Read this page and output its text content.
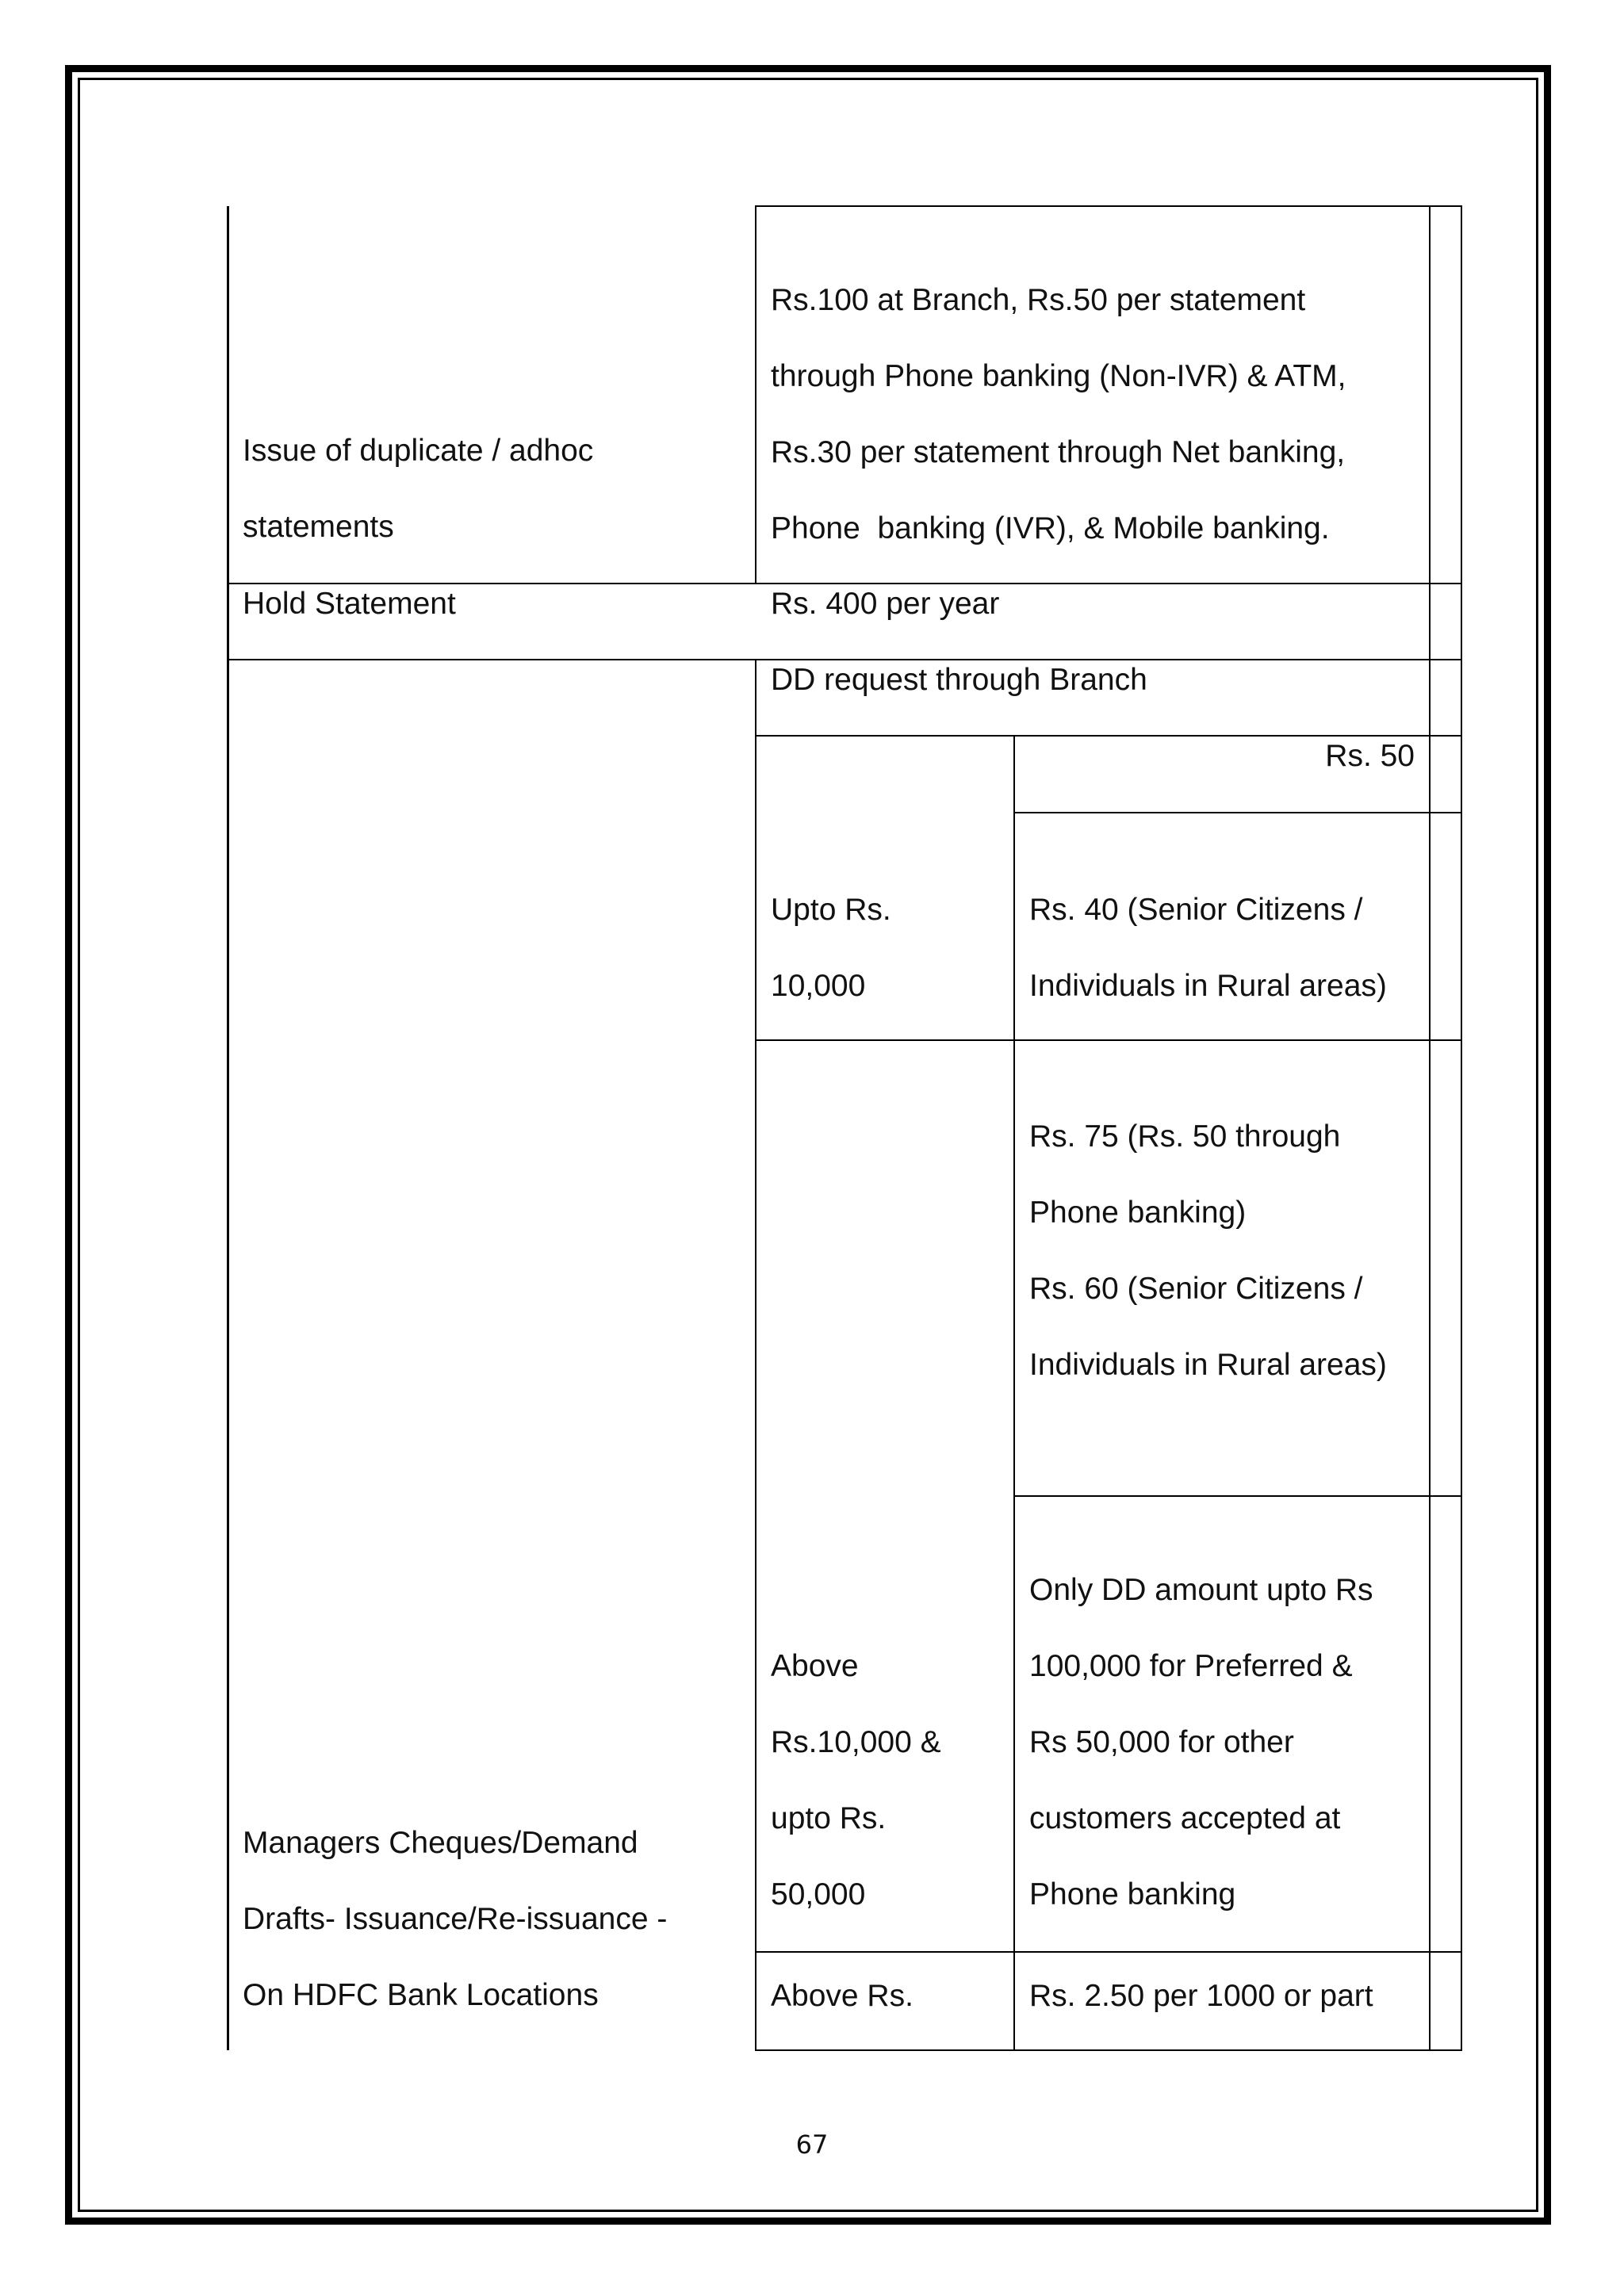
Issue of duplicate / adhoc
statements
Rs.100 at Branch, Rs.50 per statement
through Phone banking (Non-IVR) & ATM,
Rs.30 per statement through Net banking,
Phone  banking (IVR), & Mobile banking.
Hold Statement	Rs. 400 per year
Managers Cheques/Demand
Drafts- Issuance/Re-issuance -
On HDFC Bank Locations
DD request through Branch
Upto Rs.
10,000
Rs. 50
Rs. 40 (Senior Citizens /
Individuals in Rural areas)
Above
Rs.10,000 &
upto Rs.
50,000
Rs. 75 (Rs. 50 through
Phone banking)
Rs. 60 (Senior Citizens /
Individuals in Rural areas)
Only DD amount upto Rs
100,000 for Preferred &
Rs 50,000 for other
customers accepted at
Phone banking
Above Rs.	Rs. 2.50 per 1000 or part
67
